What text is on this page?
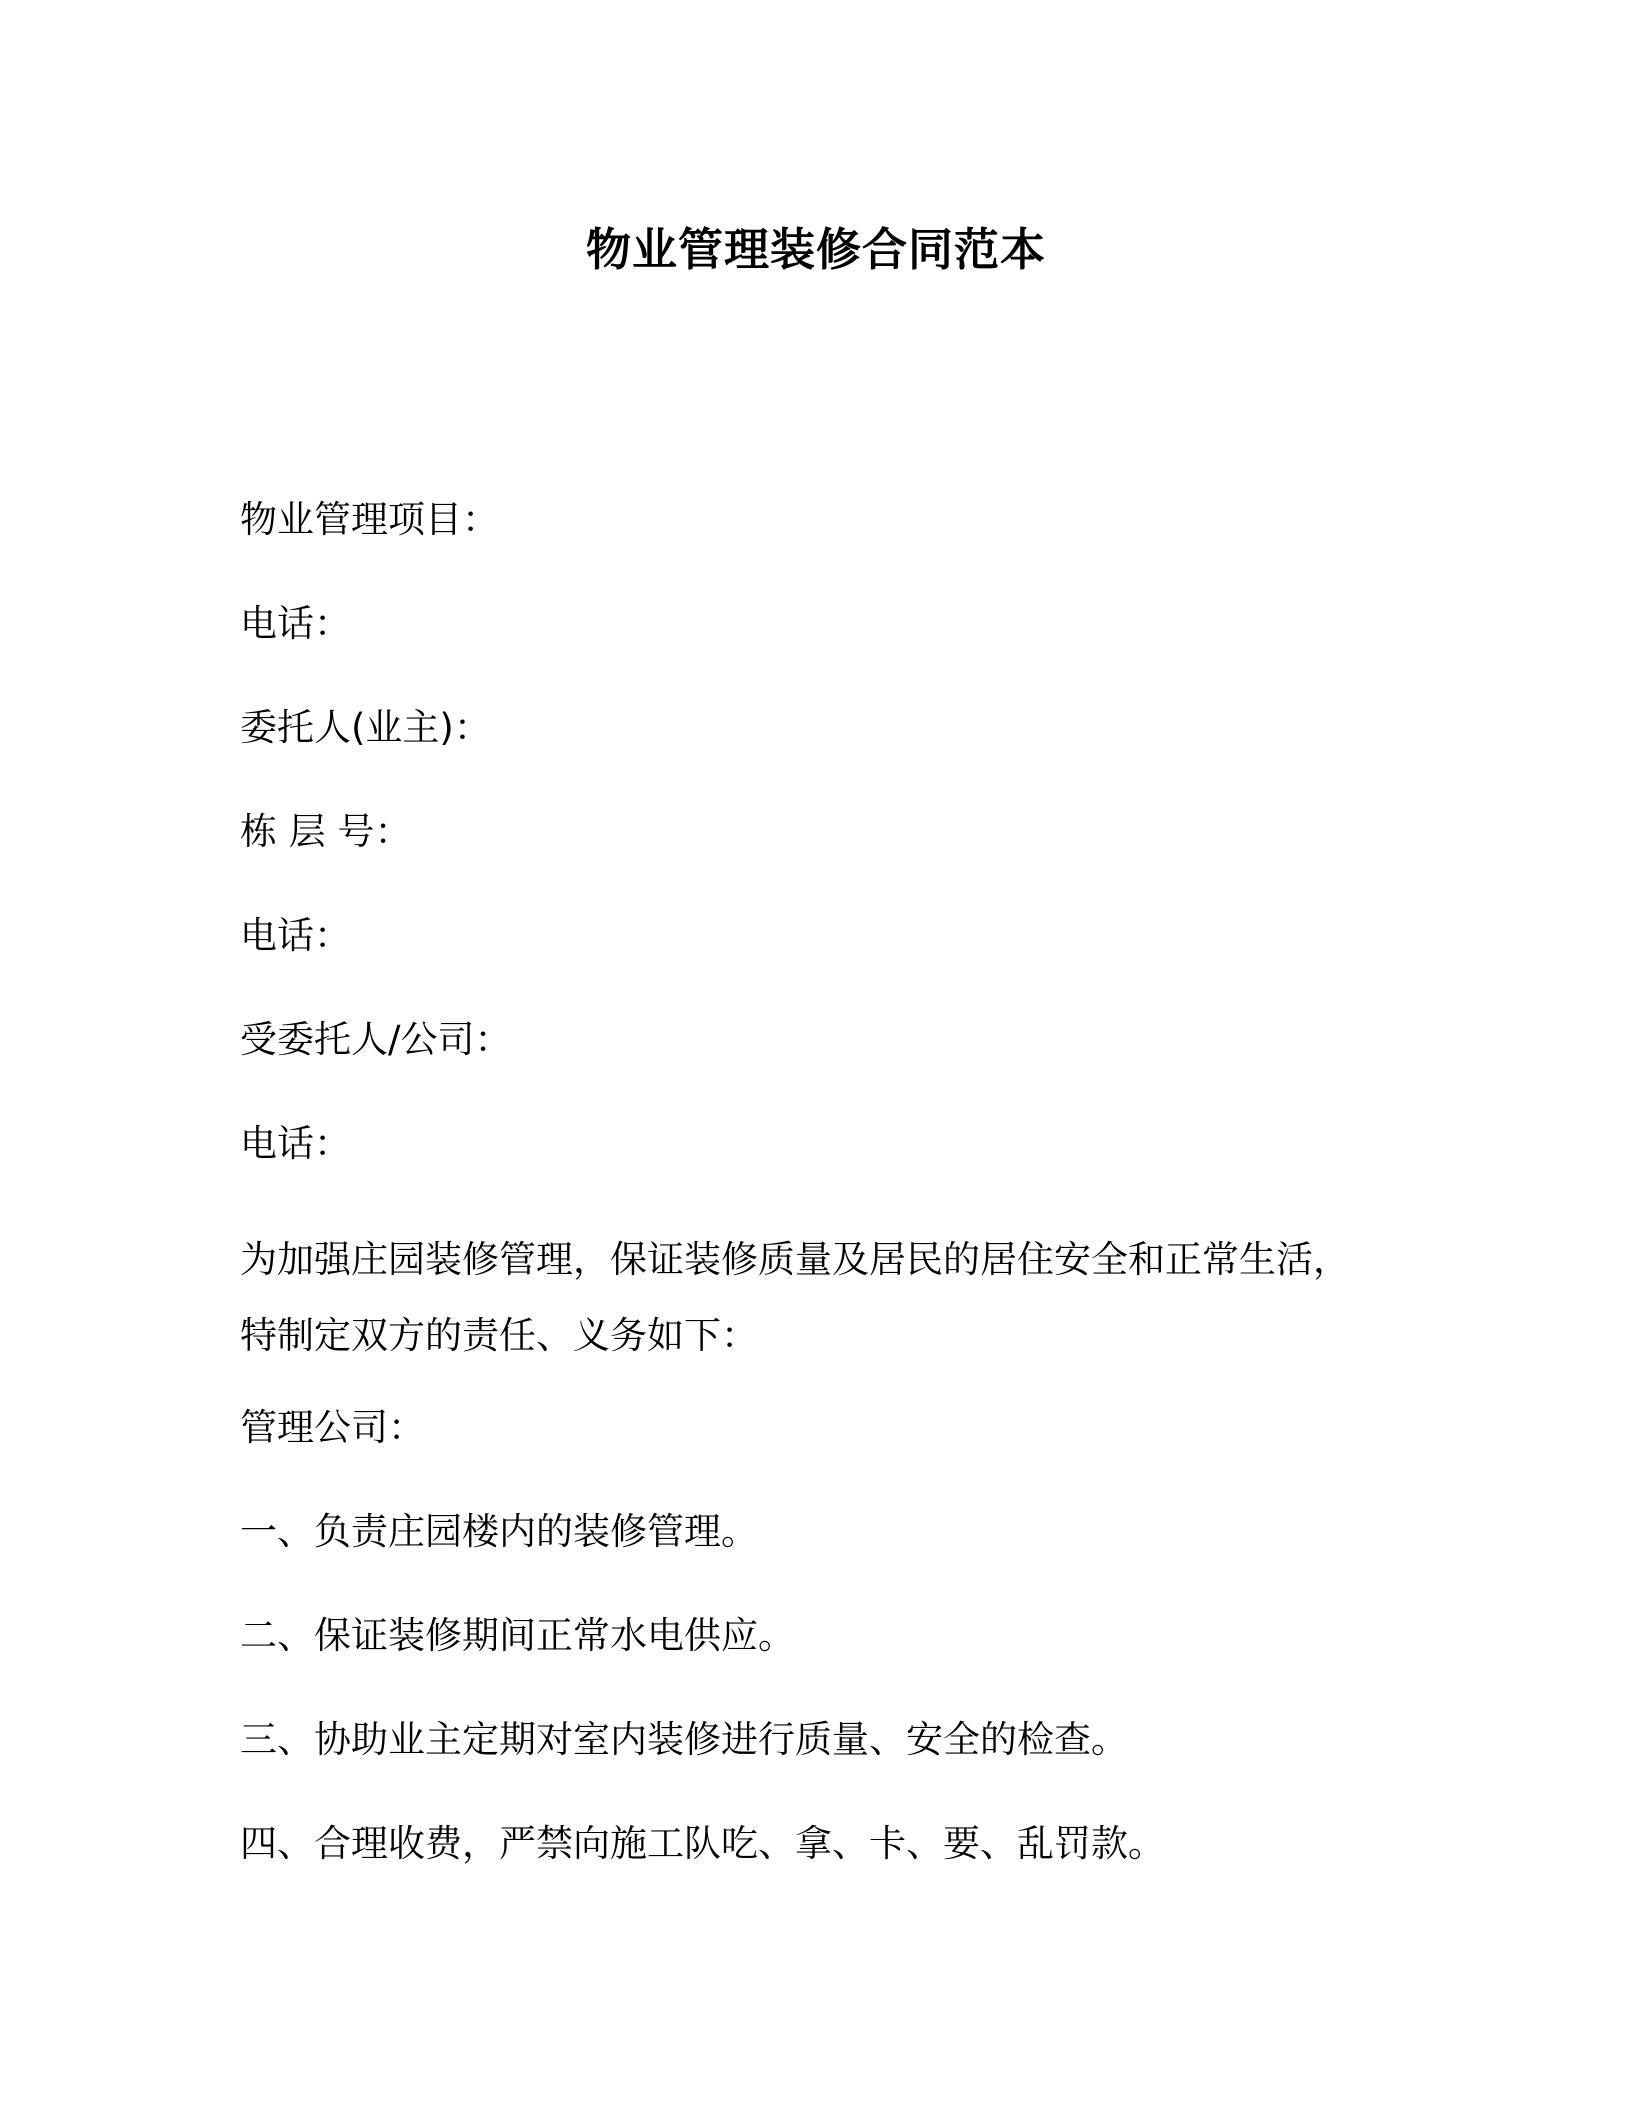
物业管理装修合同范本
物业管理项目：
电话：
委托人(业主)：
栋 层 号：
电话：
受委托人/公司：
电话：
为加强庄园装修管理，保证装修质量及居民的居住安全和正常生活，
特制定双方的责任、义务如下：
管理公司：
一、负责庄园楼内的装修管理。
二、保证装修期间正常水电供应。
三、协助业主定期对室内装修进行质量、安全的检查。
四、合理收费，严禁向施工队吃、拿、卡、要、乱罚款。
